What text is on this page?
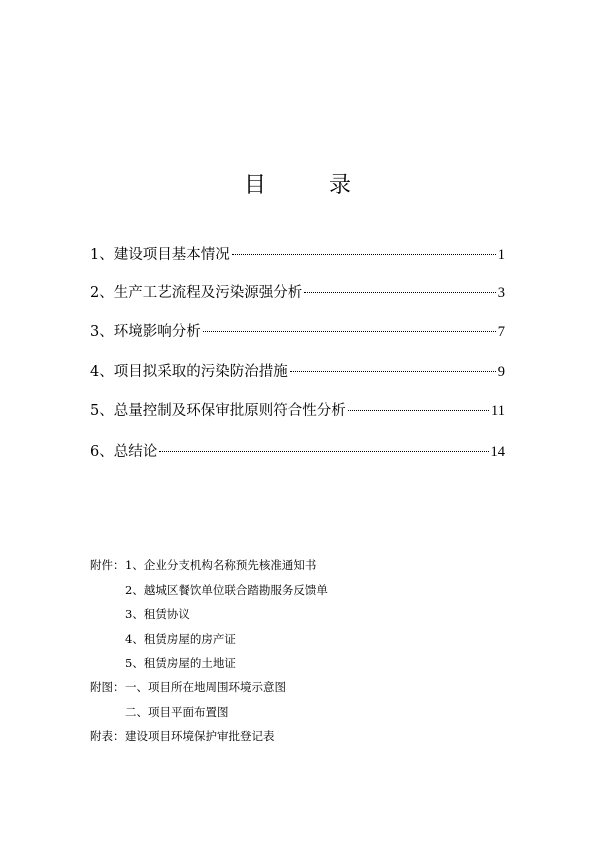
目 录
1、 建设项目基本情况	1
2、 生产工艺流程及污染源强分析	3
3、 环境影响分析	7
4、 项目拟采取的污染防治措施	9
5、 总量控制及环保审批原则符合性分析	11
6、 总结论	14
附件： 1、企业分支机构名称预先核准通知书
2、越城区餐饮单位联合踏勘服务反馈单
3、租赁协议
4、租赁房屋的房产证
5、租赁房屋的土地证
附图： 一、项目所在地周围环境示意图
二、项目平面布置图
附表： 建设项目环境保护审批登记表
